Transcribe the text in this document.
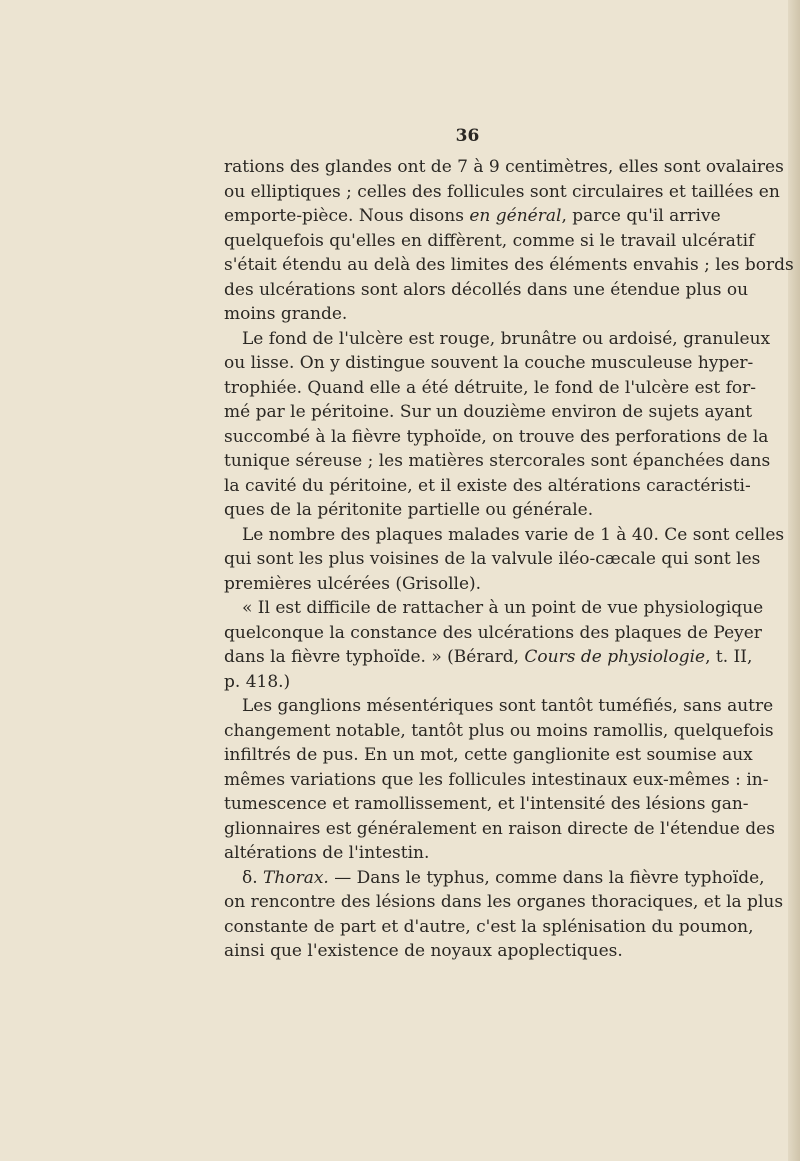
36
rations des glandes ont de 7 à 9 centimètres, elles sont ovalaires
ou elliptiques ; celles des follicules sont circulaires et taillées en
emporte-pièce. Nous disons en général, parce qu'il arrive
quelquefois qu'elles en diffèrent, comme si le travail ulcératif
s'était étendu au delà des limites des éléments envahis ; les bords
des ulcérations sont alors décollés dans une étendue plus ou
moins grande.
Le fond de l'ulcère est rouge, brunâtre ou ardoisé, granuleux
ou lisse. On y distingue souvent la couche musculeuse hyper-
trophiée. Quand elle a été détruite, le fond de l'ulcère est for-
mé par le péritoine. Sur un douzième environ de sujets ayant
succombé à la fièvre typhoïde, on trouve des perforations de la
tunique séreuse ; les matières stercorales sont épanchées dans
la cavité du péritoine, et il existe des altérations caractéristi-
ques de la péritonite partielle ou générale.
Le nombre des plaques malades varie de 1 à 40. Ce sont celles
qui sont les plus voisines de la valvule iléo-cæcale qui sont les
premières ulcérées (Grisolle).
« Il est difficile de rattacher à un point de vue physiologique
quelconque la constance des ulcérations des plaques de Peyer
dans la fièvre typhoïde. » (Bérard, Cours de physiologie, t. II,
p. 418.)
Les ganglions mésentériques sont tantôt tuméfiés, sans autre
changement notable, tantôt plus ou moins ramollis, quelquefois
infiltrés de pus. En un mot, cette ganglionite est soumise aux
mêmes variations que les follicules intestinaux eux-mêmes : in-
tumescence et ramollissement, et l'intensité des lésions gan-
glionnaires est généralement en raison directe de l'étendue des
altérations de l'intestin.
δ. Thorax. — Dans le typhus, comme dans la fièvre typhoïde,
on rencontre des lésions dans les organes thoraciques, et la plus
constante de part et d'autre, c'est la splénisation du poumon,
ainsi que l'existence de noyaux apoplectiques.
